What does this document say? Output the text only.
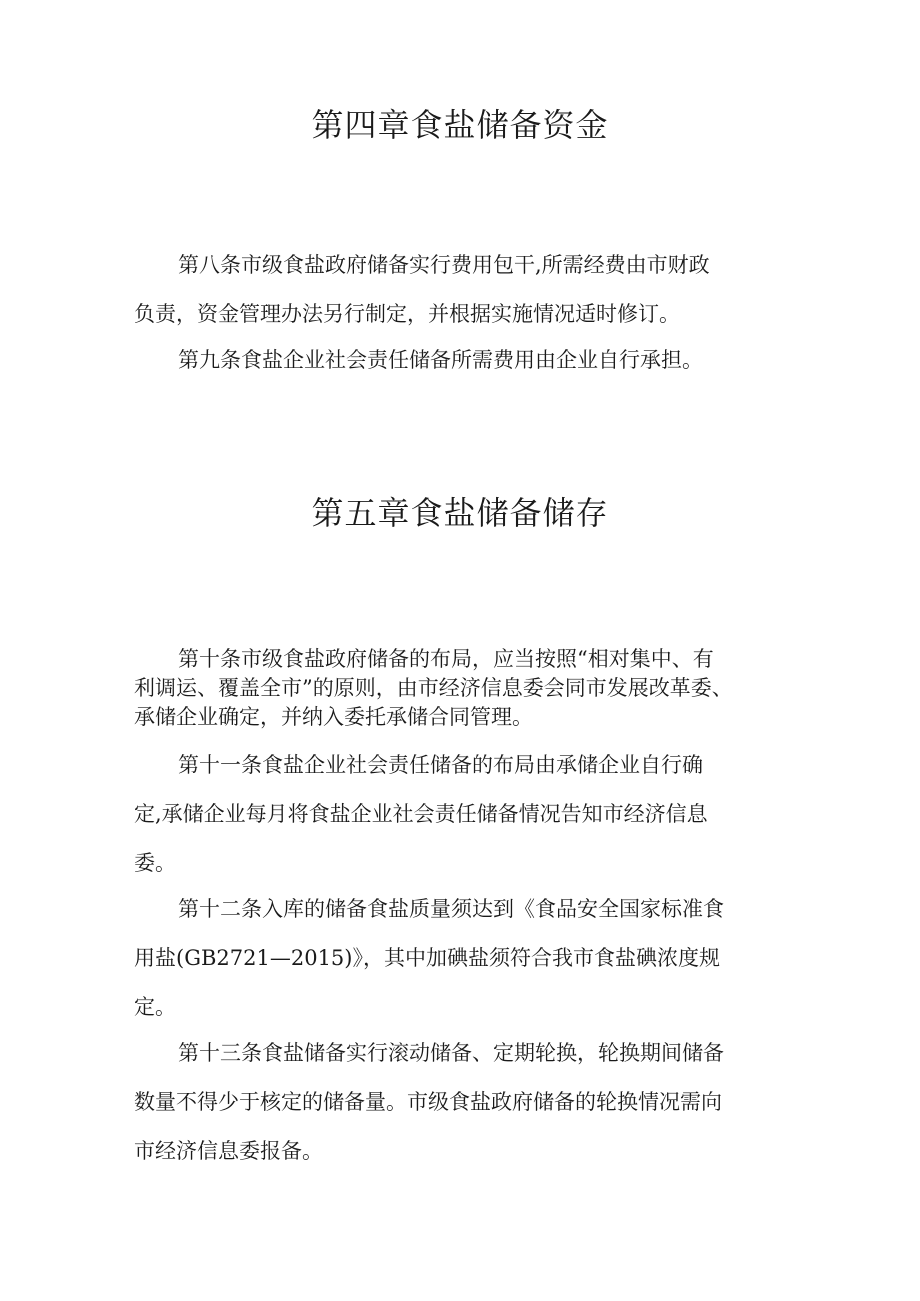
第四章食盐储备资金

第八条市级食盐政府储备实行费用包干,所需经费由市财政
负责，资金管理办法另行制定，并根据实施情况适时修订。

第九条食盐企业社会责任储备所需费用由企业自行承担。

第五章食盐储备储存

第十条市级食盐政府储备的布局，应当按照“相对集中、有
利调运、覆盖全市”的原则，由市经济信息委会同市发展改革委、
承储企业确定，并纳入委托承储合同管理。

第十一条食盐企业社会责任储备的布局由承储企业自行确
定,承储企业每月将食盐企业社会责任储备情况告知市经济信息
委。

第十二条入库的储备食盐质量须达到《食品安全国家标准食
用盐(GB2721—2015)》，其中加碘盐须符合我市食盐碘浓度规
定。

第十三条食盐储备实行滚动储备、定期轮换，轮换期间储备
数量不得少于核定的储备量。市级食盐政府储备的轮换情况需向
市经济信息委报备。
